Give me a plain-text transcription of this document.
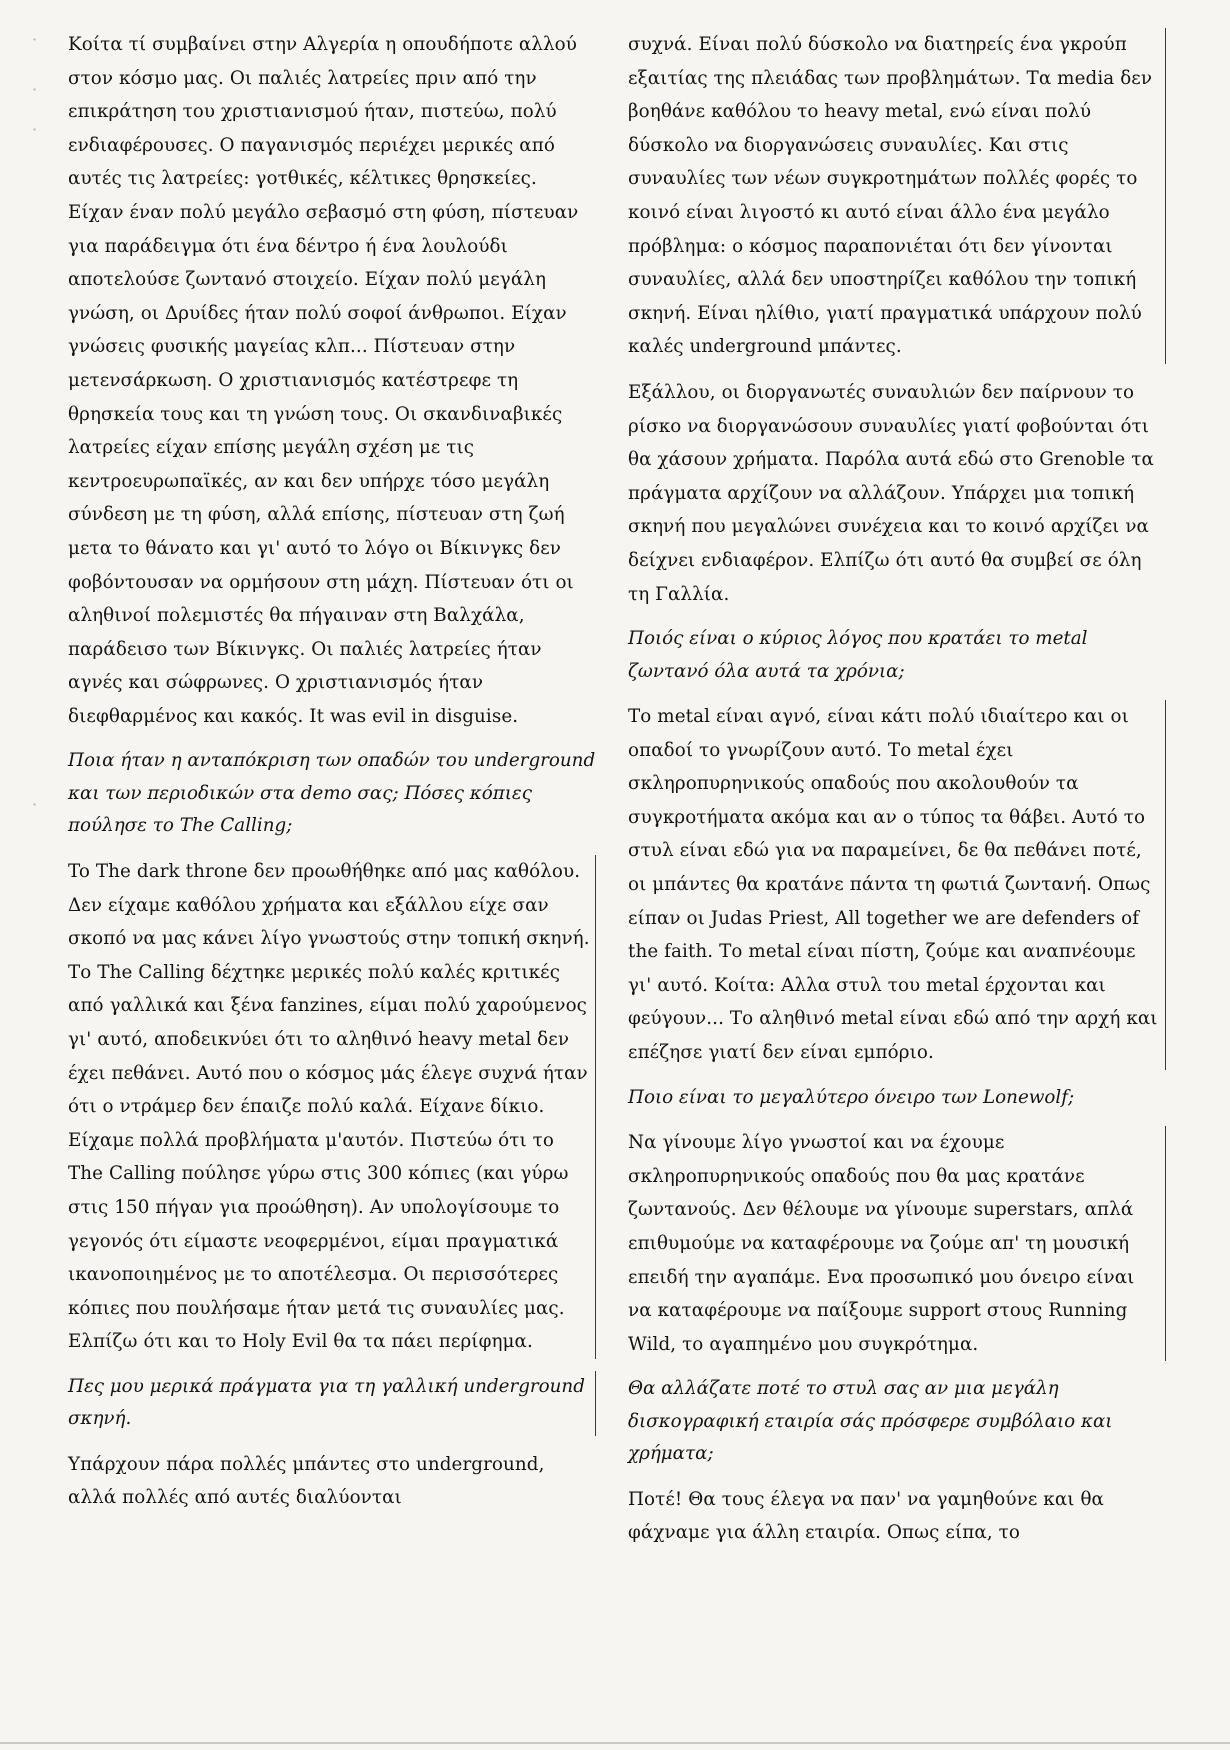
·
·
·
·

Κοίτα τί συμβαίνει στην Αλγερία η οπουδήποτε αλλού στον κόσμο μας. Οι παλιές λατρείες πριν από την επικράτηση του χριστιανισμού ήταν, πιστεύω, πολύ ενδιαφέρουσες. Ο παγανισμός περιέχει μερικές από αυτές τις λατρείες: γοτθικές, κέλτικες θρησκείες. Είχαν έναν πολύ μεγάλο σεβασμό στη φύση, πίστευαν για παράδειγμα ότι ένα δέντρο ή ένα λουλούδι αποτελούσε ζωντανό στοιχείο. Είχαν πολύ μεγάλη γνώση, οι Δρυίδες ήταν πολύ σοφοί άνθρωποι. Είχαν γνώσεις φυσικής μαγείας κλπ... Πίστευαν στην μετενσάρκωση. Ο χριστιανισμός κατέστρεφε τη θρησκεία τους και τη γνώση τους. Οι σκανδιναβικές λατρείες είχαν επίσης μεγάλη σχέση με τις κεντροευρωπαϊκές, αν και δεν υπήρχε τόσο μεγάλη σύνδεση με τη φύση, αλλά επίσης, πίστευαν στη ζωή μετα το θάνατο και γι' αυτό το λόγο οι Βίκινγκς δεν φοβόντουσαν να ορμήσουν στη μάχη. Πίστευαν ότι οι αληθινοί πολεμιστές θα πήγαιναν στη Βαλχάλα, παράδεισο των Βίκινγκς. Οι παλιές λατρείες ήταν αγνές και σώφρωνες. Ο χριστιανισμός ήταν διεφθαρμένος και κακός. It was evil in disguise.

Ποια ήταν η ανταπόκριση των οπαδών του underground και των περιοδικών στα demo σας; Πόσες κόπιες πούλησε το The Calling;

To The dark throne δεν προωθήθηκε από μας καθόλου. Δεν είχαμε καθόλου χρήματα και εξάλλου είχε σαν σκοπό να μας κάνει λίγο γνωστούς στην τοπική σκηνή. Το The Calling δέχτηκε μερικές πολύ καλές κριτικές από γαλλικά και ξένα fanzines, είμαι πολύ χαρούμενος γι' αυτό, αποδεικνύει ότι το αληθινό heavy metal δεν έχει πεθάνει. Αυτό που ο κόσμος μάς έλεγε συχνά ήταν ότι ο ντράμερ δεν έπαιζε πολύ καλά. Είχανε δίκιο. Είχαμε πολλά προβλήματα μ'αυτόν. Πιστεύω ότι το The Calling πούλησε γύρω στις 300 κόπιες (και γύρω στις 150 πήγαν για προώθηση). Αν υπολογίσουμε το γεγονός ότι είμαστε νεοφερμένοι, είμαι πραγματικά ικανοποιημένος με το αποτέλεσμα. Οι περισσότερες κόπιες που πουλήσαμε ήταν μετά τις συναυλίες μας. Ελπίζω ότι και το Holy Evil θα τα πάει περίφημα.

Πες μου μερικά πράγματα για τη γαλλική underground σκηνή.

Υπάρχουν πάρα πολλές μπάντες στο underground, αλλά πολλές από αυτές διαλύονται

συχνά. Είναι πολύ δύσκολο να διατηρείς ένα γκρούπ εξαιτίας της πλειάδας των προβλημάτων. Τα media δεν βοηθάνε καθόλου το heavy metal, ενώ είναι πολύ δύσκολο να διοργανώσεις συναυλίες. Και στις συναυλίες των νέων συγκροτημάτων πολλές φορές το κοινό είναι λιγοστό κι αυτό είναι άλλο ένα μεγάλο πρόβλημα: ο κόσμος παραπονιέται ότι δεν γίνονται συναυλίες, αλλά δεν υποστηρίζει καθόλου την τοπική σκηνή. Είναι ηλίθιο, γιατί πραγματικά υπάρχουν πολύ καλές underground μπάντες.

Εξάλλου, οι διοργανωτές συναυλιών δεν παίρνουν το ρίσκο να διοργανώσουν συναυλίες γιατί φοβούνται ότι θα χάσουν χρήματα. Παρόλα αυτά εδώ στο Grenoble τα πράγματα αρχίζουν να αλλάζουν. Υπάρχει μια τοπική σκηνή που μεγαλώνει συνέχεια και το κοινό αρχίζει να δείχνει ενδιαφέρον. Ελπίζω ότι αυτό θα συμβεί σε όλη τη Γαλλία.

Ποιός είναι ο κύριος λόγος που κρατάει το metal ζωντανό όλα αυτά τα χρόνια;

Το metal είναι αγνό, είναι κάτι πολύ ιδιαίτερο και οι οπαδοί το γνωρίζουν αυτό. Το metal έχει σκληροπυρηνικούς οπαδούς που ακολουθούν τα συγκροτήματα ακόμα και αν ο τύπος τα θάβει. Αυτό το στυλ είναι εδώ για να παραμείνει, δε θα πεθάνει ποτέ, οι μπάντες θα κρατάνε πάντα τη φωτιά ζωντανή. Οπως είπαν οι Judas Priest, All together we are defenders of the faith. Το metal είναι πίστη, ζούμε και αναπνέουμε γι' αυτό. Κοίτα: Αλλα στυλ του metal έρχονται και φεύγουν... Το αληθινό metal είναι εδώ από την αρχή και επέζησε γιατί δεν είναι εμπόριο.

Ποιο είναι το μεγαλύτερο όνειρο των Lonewolf;

Να γίνουμε λίγο γνωστοί και να έχουμε σκληροπυρηνικούς οπαδούς που θα μας κρατάνε ζωντανούς. Δεν θέλουμε να γίνουμε superstars, απλά επιθυμούμε να καταφέρουμε να ζούμε απ' τη μουσική επειδή την αγαπάμε. Ενα προσωπικό μου όνειρο είναι να καταφέρουμε να παίξουμε support στους Running Wild, το αγαπημένο μου συγκρότημα.

Θα αλλάζατε ποτέ το στυλ σας αν μια μεγάλη δισκογραφική εταιρία σάς πρόσφερε συμβόλαιο και χρήματα;

Ποτέ! Θα τους έλεγα να παν' να γαμηθούνε και θα φάχναμε για άλλη εταιρία. Οπως είπα, το
